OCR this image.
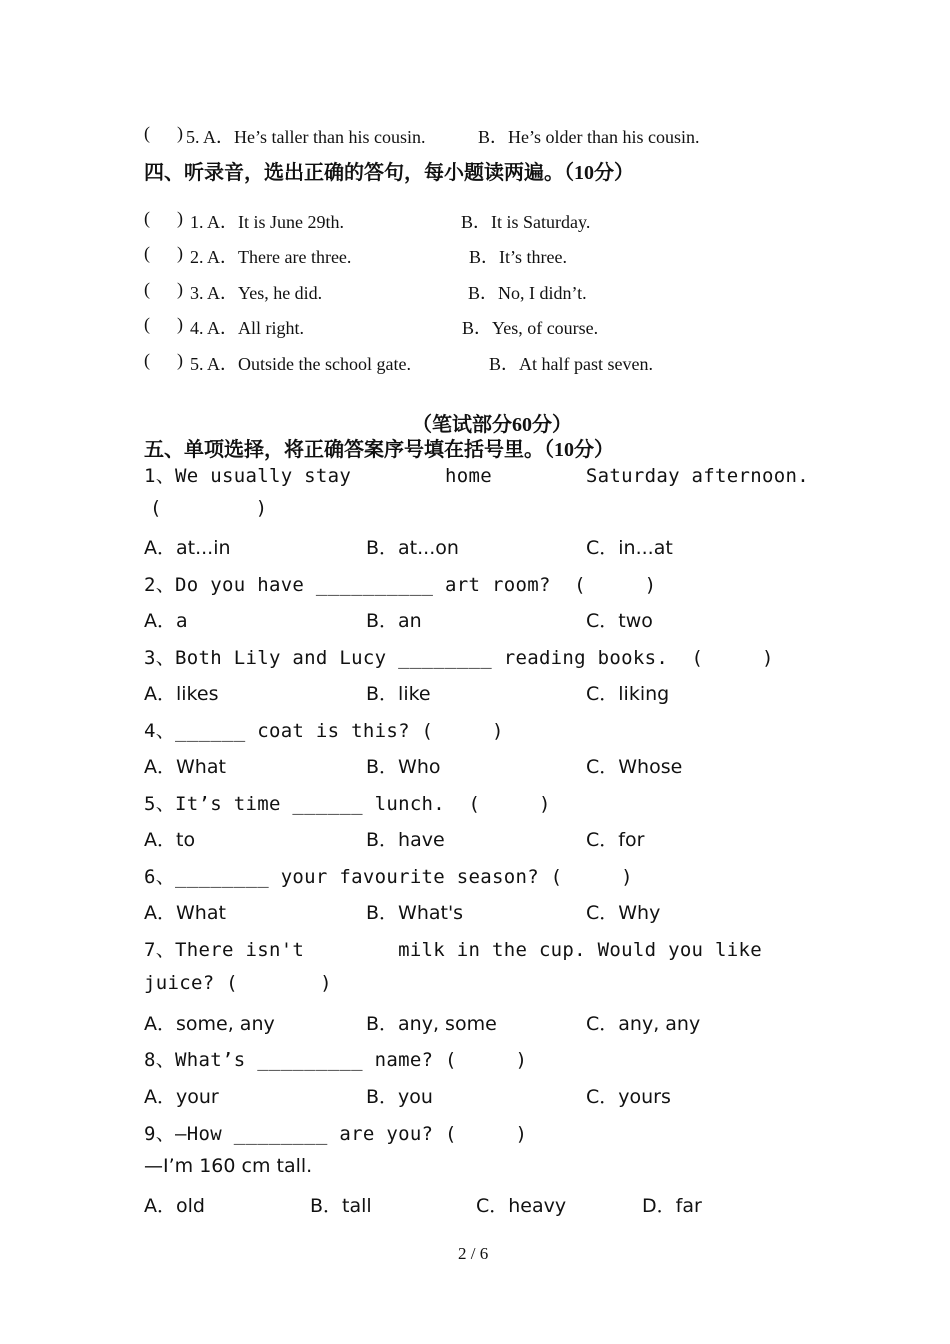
(      ) 5. A．He’s taller than his cousin.	B．He’s older than his cousin.
四、听录音，选出正确的答句，每小题读两遍。（10分）
(      ) 1. A．It is June 29th.	B．It is Saturday.
(      ) 2. A．There are three.	B．It’s three.
(      ) 3. A．Yes, he did.	B．No, I didn’t.
(      ) 4. A．All right.	B．Yes, of course.
(      ) 5. A．Outside the school gate.	B．At half past seven.
（笔试部分60分）
五、单项选择，将正确答案序号填在括号里。（10分）
1、We usually stay        home        Saturday afternoon.
(        )
A．at...in	B．at...on	C．in...at
2、Do you have __________ art room?  (     )
A．a	B．an	C．two
3、Both Lily and Lucy ________ reading books.  (     )
A．likes	B．like	C．liking
4、______ coat is this? (     )
A．What	B．Who	C．Whose
5、It’s time ______ lunch.  (     )
A．to	B．have	C．for
6、________ your favourite season? (     )
A．What	B．What's	C．Why
7、There isn't        milk in the cup. Would you like
juice? (       )
A．some, any	B．any, some	C．any, any
8、What’s _________ name? (     )
A．your	B．you	C．yours
9、—How ________ are you? (     )
—I’m 160 cm tall.
A．old	B．tall	C．heavy	D．far
2 / 6
